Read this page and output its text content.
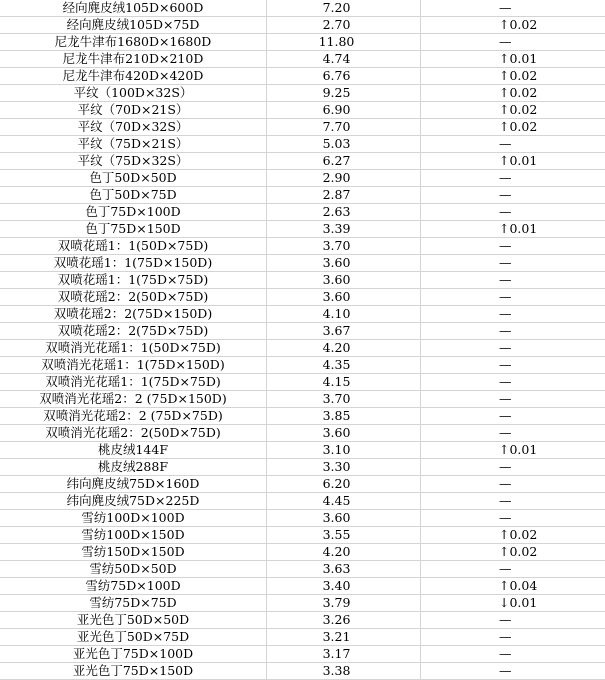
经向麂皮绒105D×600D	7.20	—
经向麂皮绒105D×75D	2.70	↑0.02
尼龙牛津布1680D×1680D	11.80	—
尼龙牛津布210D×210D	4.74	↑0.01
尼龙牛津布420D×420D	6.76	↑0.02
平纹（100D×32S）	9.25	↑0.02
平纹（70D×21S）	6.90	↑0.02
平纹（70D×32S）	7.70	↑0.02
平纹（75D×21S）	5.03	—
平纹（75D×32S）	6.27	↑0.01
色丁50D×50D	2.90	—
色丁50D×75D	2.87	—
色丁75D×100D	2.63	—
色丁75D×150D	3.39	↑0.01
双喷花瑶1：1(50D×75D)	3.70	—
双喷花瑶1：1(75D×150D)	3.60	—
双喷花瑶1：1(75D×75D)	3.60	—
双喷花瑶2：2(50D×75D)	3.60	—
双喷花瑶2：2(75D×150D)	4.10	—
双喷花瑶2：2(75D×75D)	3.67	—
双喷消光花瑶1：1(50D×75D)	4.20	—
双喷消光花瑶1：1(75D×150D)	4.35	—
双喷消光花瑶1：1(75D×75D)	4.15	—
双喷消光花瑶2：2 (75D×150D)	3.70	—
双喷消光花瑶2：2 (75D×75D)	3.85	—
双喷消光花瑶2：2(50D×75D)	3.60	—
桃皮绒144F	3.10	↑0.01
桃皮绒288F	3.30	—
纬向麂皮绒75D×160D	6.20	—
纬向麂皮绒75D×225D	4.45	—
雪纺100D×100D	3.60	—
雪纺100D×150D	3.55	↑0.02
雪纺150D×150D	4.20	↑0.02
雪纺50D×50D	3.63	—
雪纺75D×100D	3.40	↑0.04
雪纺75D×75D	3.79	↓0.01
亚光色丁50D×50D	3.26	—
亚光色丁50D×75D	3.21	—
亚光色丁75D×100D	3.17	—
亚光色丁75D×150D	3.38	—
